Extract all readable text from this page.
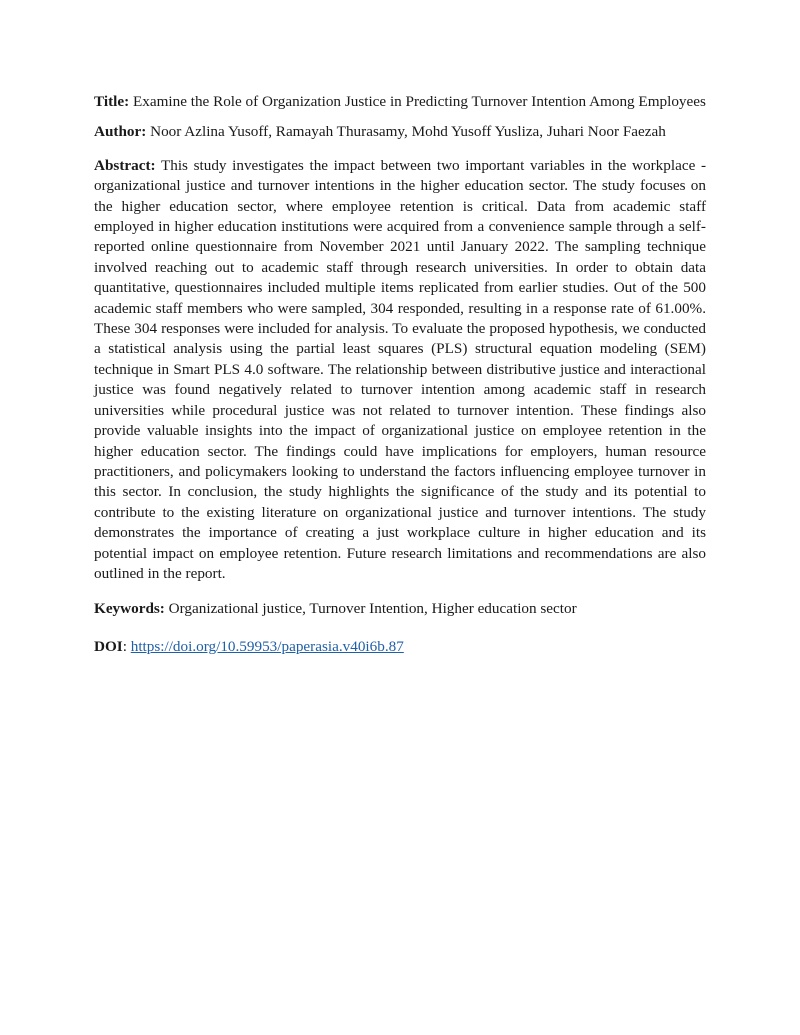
Title: Examine the Role of Organization Justice in Predicting Turnover Intention Among Employees

Author: Noor Azlina Yusoff, Ramayah Thurasamy, Mohd Yusoff Yusliza, Juhari Noor Faezah

Abstract: This study investigates the impact between two important variables in the workplace - organizational justice and turnover intentions in the higher education sector. The study focuses on the higher education sector, where employee retention is critical. Data from academic staff employed in higher education institutions were acquired from a convenience sample through a self-reported online questionnaire from November 2021 until January 2022. The sampling technique involved reaching out to academic staff through research universities. In order to obtain data quantitative, questionnaires included multiple items replicated from earlier studies. Out of the 500 academic staff members who were sampled, 304 responded, resulting in a response rate of 61.00%. These 304 responses were included for analysis. To evaluate the proposed hypothesis, we conducted a statistical analysis using the partial least squares (PLS) structural equation modeling (SEM) technique in Smart PLS 4.0 software. The relationship between distributive justice and interactional justice was found negatively related to turnover intention among academic staff in research universities while procedural justice was not related to turnover intention. These findings also provide valuable insights into the impact of organizational justice on employee retention in the higher education sector. The findings could have implications for employers, human resource practitioners, and policymakers looking to understand the factors influencing employee turnover in this sector. In conclusion, the study highlights the significance of the study and its potential to contribute to the existing literature on organizational justice and turnover intentions. The study demonstrates the importance of creating a just workplace culture in higher education and its potential impact on employee retention. Future research limitations and recommendations are also outlined in the report.

Keywords: Organizational justice, Turnover Intention, Higher education sector

DOI: https://doi.org/10.59953/paperasia.v40i6b.87
